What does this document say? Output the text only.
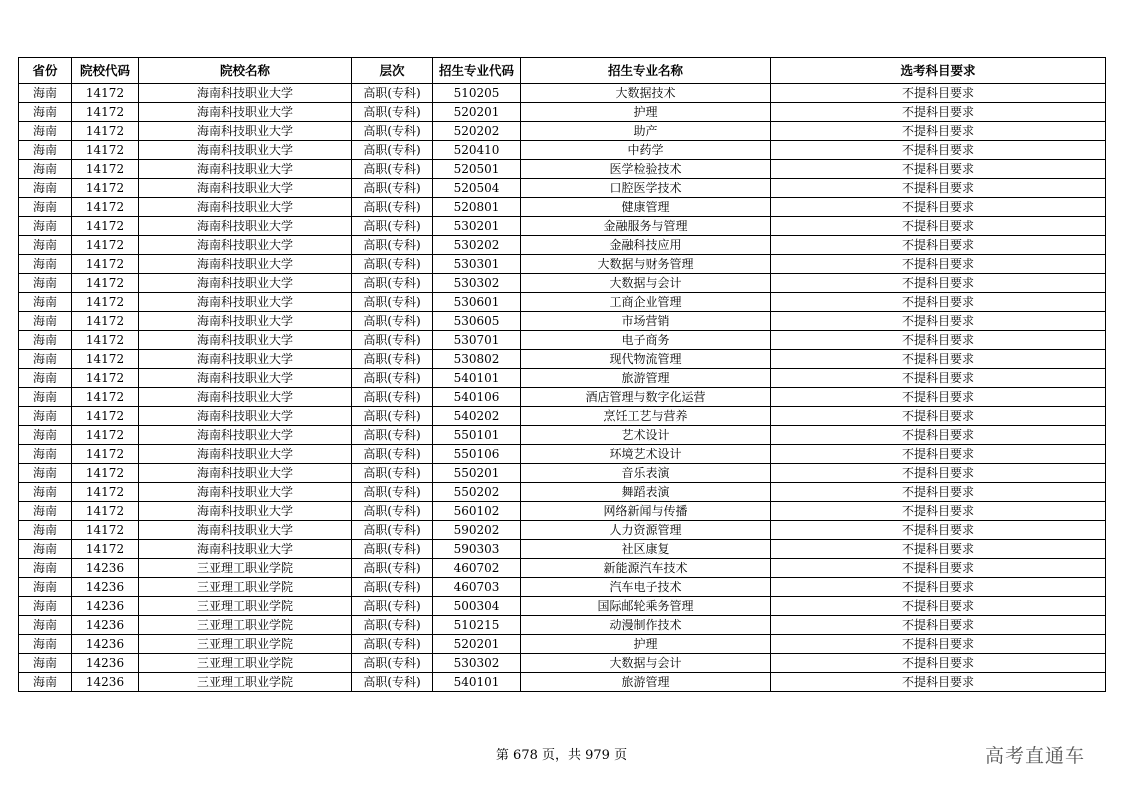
省份	院校代码	院校名称	层次	招生专业代码	招生专业名称	选考科目要求
海南	14172	海南科技职业大学	高职(专科)	510205	大数据技术	不提科目要求
海南	14172	海南科技职业大学	高职(专科)	520201	护理	不提科目要求
海南	14172	海南科技职业大学	高职(专科)	520202	助产	不提科目要求
海南	14172	海南科技职业大学	高职(专科)	520410	中药学	不提科目要求
海南	14172	海南科技职业大学	高职(专科)	520501	医学检验技术	不提科目要求
海南	14172	海南科技职业大学	高职(专科)	520504	口腔医学技术	不提科目要求
海南	14172	海南科技职业大学	高职(专科)	520801	健康管理	不提科目要求
海南	14172	海南科技职业大学	高职(专科)	530201	金融服务与管理	不提科目要求
海南	14172	海南科技职业大学	高职(专科)	530202	金融科技应用	不提科目要求
海南	14172	海南科技职业大学	高职(专科)	530301	大数据与财务管理	不提科目要求
海南	14172	海南科技职业大学	高职(专科)	530302	大数据与会计	不提科目要求
海南	14172	海南科技职业大学	高职(专科)	530601	工商企业管理	不提科目要求
海南	14172	海南科技职业大学	高职(专科)	530605	市场营销	不提科目要求
海南	14172	海南科技职业大学	高职(专科)	530701	电子商务	不提科目要求
海南	14172	海南科技职业大学	高职(专科)	530802	现代物流管理	不提科目要求
海南	14172	海南科技职业大学	高职(专科)	540101	旅游管理	不提科目要求
海南	14172	海南科技职业大学	高职(专科)	540106	酒店管理与数字化运营	不提科目要求
海南	14172	海南科技职业大学	高职(专科)	540202	烹饪工艺与营养	不提科目要求
海南	14172	海南科技职业大学	高职(专科)	550101	艺术设计	不提科目要求
海南	14172	海南科技职业大学	高职(专科)	550106	环境艺术设计	不提科目要求
海南	14172	海南科技职业大学	高职(专科)	550201	音乐表演	不提科目要求
海南	14172	海南科技职业大学	高职(专科)	550202	舞蹈表演	不提科目要求
海南	14172	海南科技职业大学	高职(专科)	560102	网络新闻与传播	不提科目要求
海南	14172	海南科技职业大学	高职(专科)	590202	人力资源管理	不提科目要求
海南	14172	海南科技职业大学	高职(专科)	590303	社区康复	不提科目要求
海南	14236	三亚理工职业学院	高职(专科)	460702	新能源汽车技术	不提科目要求
海南	14236	三亚理工职业学院	高职(专科)	460703	汽车电子技术	不提科目要求
海南	14236	三亚理工职业学院	高职(专科)	500304	国际邮轮乘务管理	不提科目要求
海南	14236	三亚理工职业学院	高职(专科)	510215	动漫制作技术	不提科目要求
海南	14236	三亚理工职业学院	高职(专科)	520201	护理	不提科目要求
海南	14236	三亚理工职业学院	高职(专科)	530302	大数据与会计	不提科目要求
海南	14236	三亚理工职业学院	高职(专科)	540101	旅游管理	不提科目要求
第 678 页，共 979 页	高考直通车
